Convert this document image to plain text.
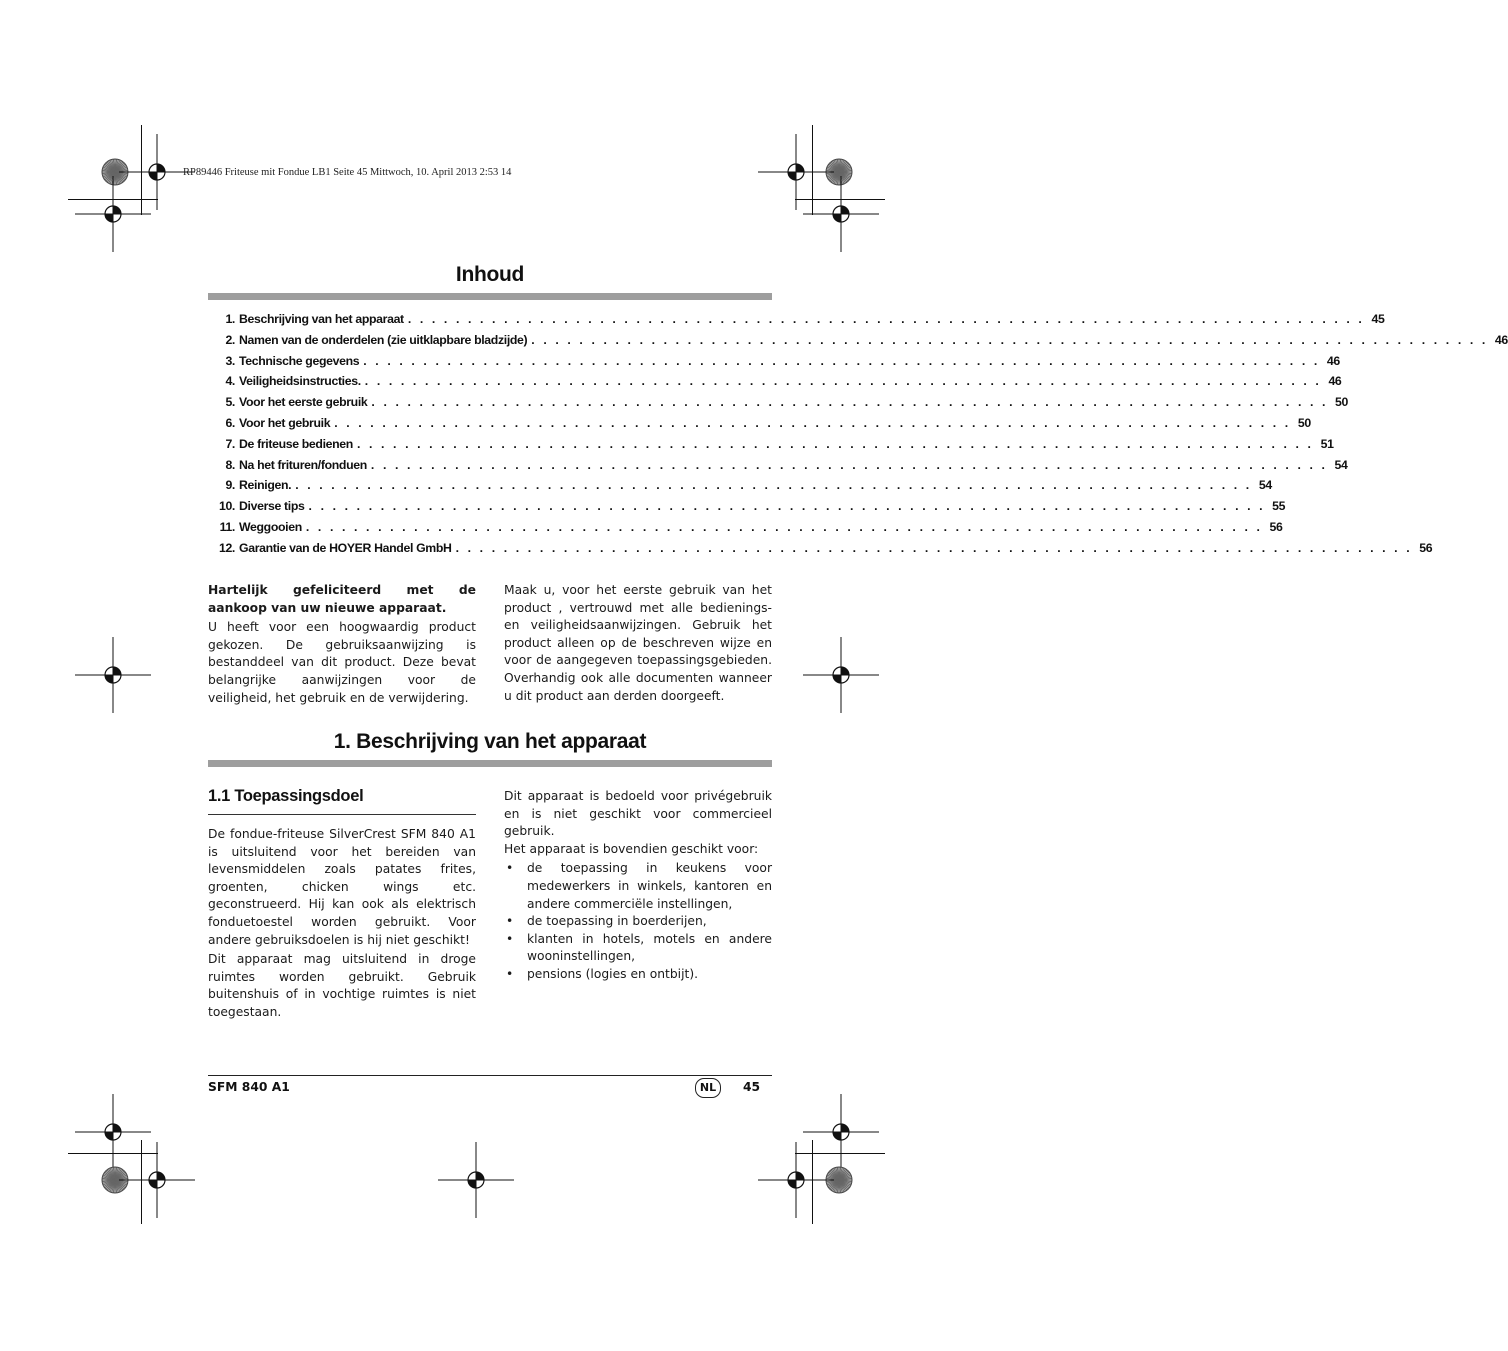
RP89446 Friteuse mit Fondue LB1 Seite 45 Mittwoch, 10. April 2013 2:53 14
Inhoud
1. Beschrijving van het apparaat . . . . . . . . . . . . . . . . . . . . . . . . . . . . . . . . . . . . . . . . . . . . . . . . . . . . . . . . . . . . . . . . . . . . . . . . . . . . . . . . 45
2. Namen van de onderdelen (zie uitklapbare bladzijde) . . . . . . . . . . . . . . . . . . . . . . . . . . . . . . . . . . . . . . . . . . . . . . . . . . . . . . . . . . . . . . . . . . . . . . . . . . . . . . . . 46
3. Technische gegevens . . . . . . . . . . . . . . . . . . . . . . . . . . . . . . . . . . . . . . . . . . . . . . . . . . . . . . . . . . . . . . . . . . . . . . . . . . . . . . . . 46
4. Veiligheidsinstructies. . . . . . . . . . . . . . . . . . . . . . . . . . . . . . . . . . . . . . . . . . . . . . . . . . . . . . . . . . . . . . . . . . . . . . . . . . . . . . . . . 46
5. Voor het eerste gebruik . . . . . . . . . . . . . . . . . . . . . . . . . . . . . . . . . . . . . . . . . . . . . . . . . . . . . . . . . . . . . . . . . . . . . . . . . . . . . . . . 50
6. Voor het gebruik . . . . . . . . . . . . . . . . . . . . . . . . . . . . . . . . . . . . . . . . . . . . . . . . . . . . . . . . . . . . . . . . . . . . . . . . . . . . . . . . 50
7. De friteuse bedienen . . . . . . . . . . . . . . . . . . . . . . . . . . . . . . . . . . . . . . . . . . . . . . . . . . . . . . . . . . . . . . . . . . . . . . . . . . . . . . . . 51
8. Na het frituren/fonduen . . . . . . . . . . . . . . . . . . . . . . . . . . . . . . . . . . . . . . . . . . . . . . . . . . . . . . . . . . . . . . . . . . . . . . . . . . . . . . . . 54
9. Reinigen. . . . . . . . . . . . . . . . . . . . . . . . . . . . . . . . . . . . . . . . . . . . . . . . . . . . . . . . . . . . . . . . . . . . . . . . . . . . . . . . . 54
10. Diverse tips . . . . . . . . . . . . . . . . . . . . . . . . . . . . . . . . . . . . . . . . . . . . . . . . . . . . . . . . . . . . . . . . . . . . . . . . . . . . . . . . 55
11. Weggooien . . . . . . . . . . . . . . . . . . . . . . . . . . . . . . . . . . . . . . . . . . . . . . . . . . . . . . . . . . . . . . . . . . . . . . . . . . . . . . . . 56
12. Garantie van de HOYER Handel GmbH . . . . . . . . . . . . . . . . . . . . . . . . . . . . . . . . . . . . . . . . . . . . . . . . . . . . . . . . . . . . . . . . . . . . . . . . . . . . . . . . 56
Hartelijk gefeliciteerd met de aankoop van uw nieuwe apparaat.
U heeft voor een hoogwaardig product gekozen. De gebruiksaanwijzing is bestanddeel van dit product. Deze bevat belangrijke aanwijzingen voor de veiligheid, het gebruik en de verwijdering.
Maak u, voor het eerste gebruik van het product , vertrouwd met alle bedienings- en veiligheidsaanwijzingen. Gebruik het product alleen op de beschreven wijze en voor de aangegeven toepassingsgebieden. Overhandig ook alle documenten wanneer u dit product aan derden doorgeeft.
1. Beschrijving van het apparaat
1.1 Toepassingsdoel
De fondue-friteuse SilverCrest SFM 840 A1 is uitsluitend voor het bereiden van levensmiddelen zoals patates frites, groenten, chicken wings etc. geconstrueerd. Hij kan ook als elektrisch fonduetoestel worden gebruikt. Voor andere gebruiksdoelen is hij niet geschikt!
Dit apparaat mag uitsluitend in droge ruimtes worden gebruikt. Gebruik buitenshuis of in vochtige ruimtes is niet toegestaan.
Dit apparaat is bedoeld voor privégebruik en is niet geschikt voor commercieel gebruik.
Het apparaat is bovendien geschikt voor:
• de toepassing in keukens voor medewerkers in winkels, kantoren en andere commerciële instellingen,
• de toepassing in boerderijen,
• klanten in hotels, motels en andere wooninstellingen,
• pensions (logies en ontbijt).
SFM 840 A1	NL	45
